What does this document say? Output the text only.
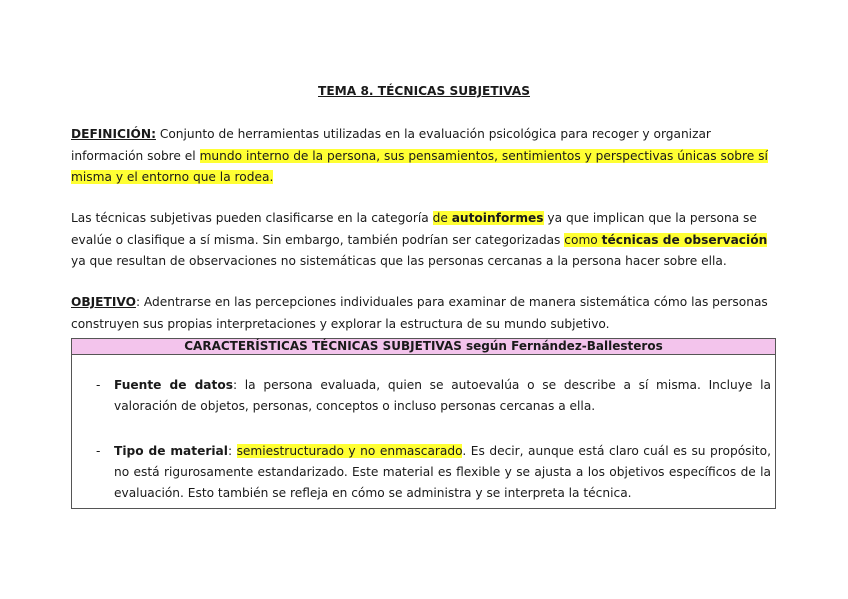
TEMA 8. TÉCNICAS SUBJETIVAS

DEFINICIÓN: Conjunto de herramientas utilizadas en la evaluación psicológica para recoger y organizar información sobre el mundo interno de la persona, sus pensamientos, sentimientos y perspectivas únicas sobre sí misma y el entorno que la rodea.

Las técnicas subjetivas pueden clasificarse en la categoría de autoinformes ya que implican que la persona se evalúe o clasifique a sí misma. Sin embargo, también podrían ser categorizadas como técnicas de observación ya que resultan de observaciones no sistemáticas que las personas cercanas a la persona hacer sobre ella.

OBJETIVO: Adentrarse en las percepciones individuales para examinar de manera sistemática cómo las personas construyen sus propias interpretaciones y explorar la estructura de su mundo subjetivo.

CARACTERÍSTICAS TÉCNICAS SUBJETIVAS según Fernández-Ballesteros
-	Fuente de datos: la persona evaluada, quien se autoevalúa o se describe a sí misma. Incluye la valoración de objetos, personas, conceptos o incluso personas cercanas a ella.
-	Tipo de material: semiestructurado y no enmascarado. Es decir, aunque está claro cuál es su propósito, no está rigurosamente estandarizado. Este material es flexible y se ajusta a los objetivos específicos de la evaluación. Esto también se refleja en cómo se administra y se interpreta la técnica.
